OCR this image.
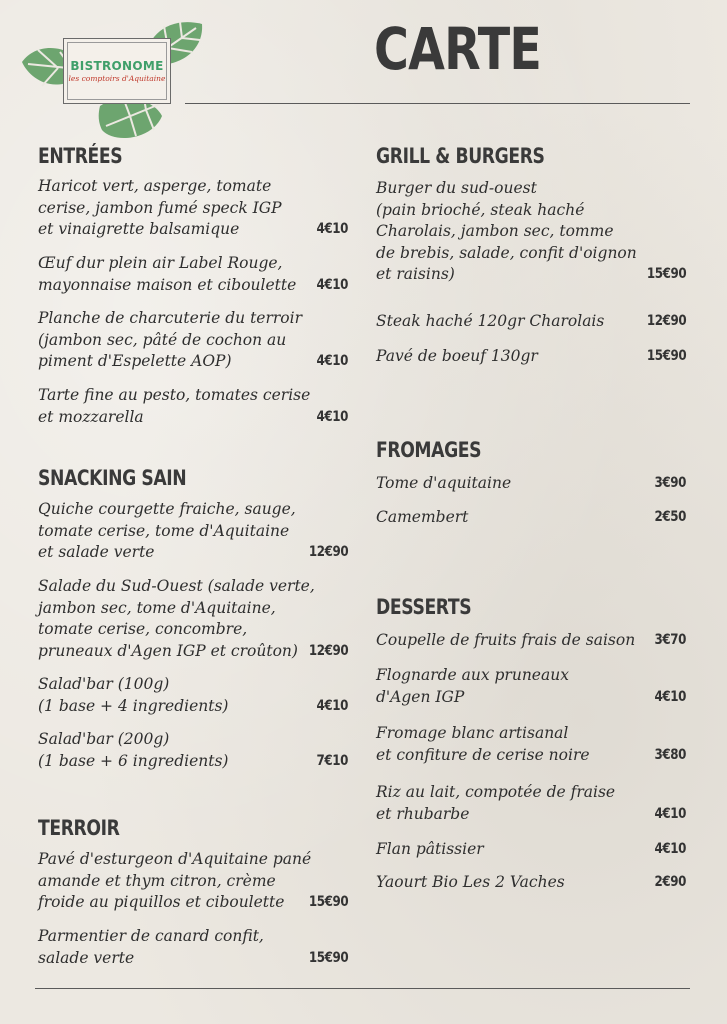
BISTRONOME
les comptoirs d'Aquitaine	CARTE
ENTRÉES
Haricot vert, asperge, tomate
cerise, jambon fumé speck IGP
et vinaigrette balsamique	4€10
Œuf dur plein air Label Rouge,
mayonnaise maison et ciboulette	4€10
Planche de charcuterie du terroir
(jambon sec, pâté de cochon au
piment d'Espelette AOP)	4€10
Tarte fine au pesto, tomates cerise
et mozzarella	4€10
SNACKING SAIN
Quiche courgette fraiche, sauge,
tomate cerise, tome d'Aquitaine
et salade verte	12€90
Salade du Sud-Ouest (salade verte,
jambon sec, tome d'Aquitaine,
tomate cerise, concombre,
pruneaux d'Agen IGP et croûton) 12€90
Salad'bar (100g)
(1 base + 4 ingredients)	4€10
Salad'bar (200g)
(1 base + 6 ingredients)	7€10
TERROIR
Pavé d'esturgeon d'Aquitaine pané
amande et thym citron, crème
froide au piquillos et ciboulette	15€90
Parmentier de canard confit,
salade verte	15€90
GRILL & BURGERS
Burger du sud-ouest
(pain brioché, steak haché
Charolais, jambon sec, tomme
de brebis, salade, confit d'oignon
et raisins)	15€90
Steak haché 120gr Charolais	12€90
Pavé de boeuf 130gr	15€90
FROMAGES
Tome d'aquitaine	3€90
Camembert	2€50
DESSERTS
Coupelle de fruits frais de saison	3€70
Flognarde aux pruneaux
d'Agen IGP	4€10
Fromage blanc artisanal
et confiture de cerise noire	3€80
Riz au lait, compotée de fraise
et rhubarbe	4€10
Flan pâtissier	4€10
Yaourt Bio Les 2 Vaches	2€90
